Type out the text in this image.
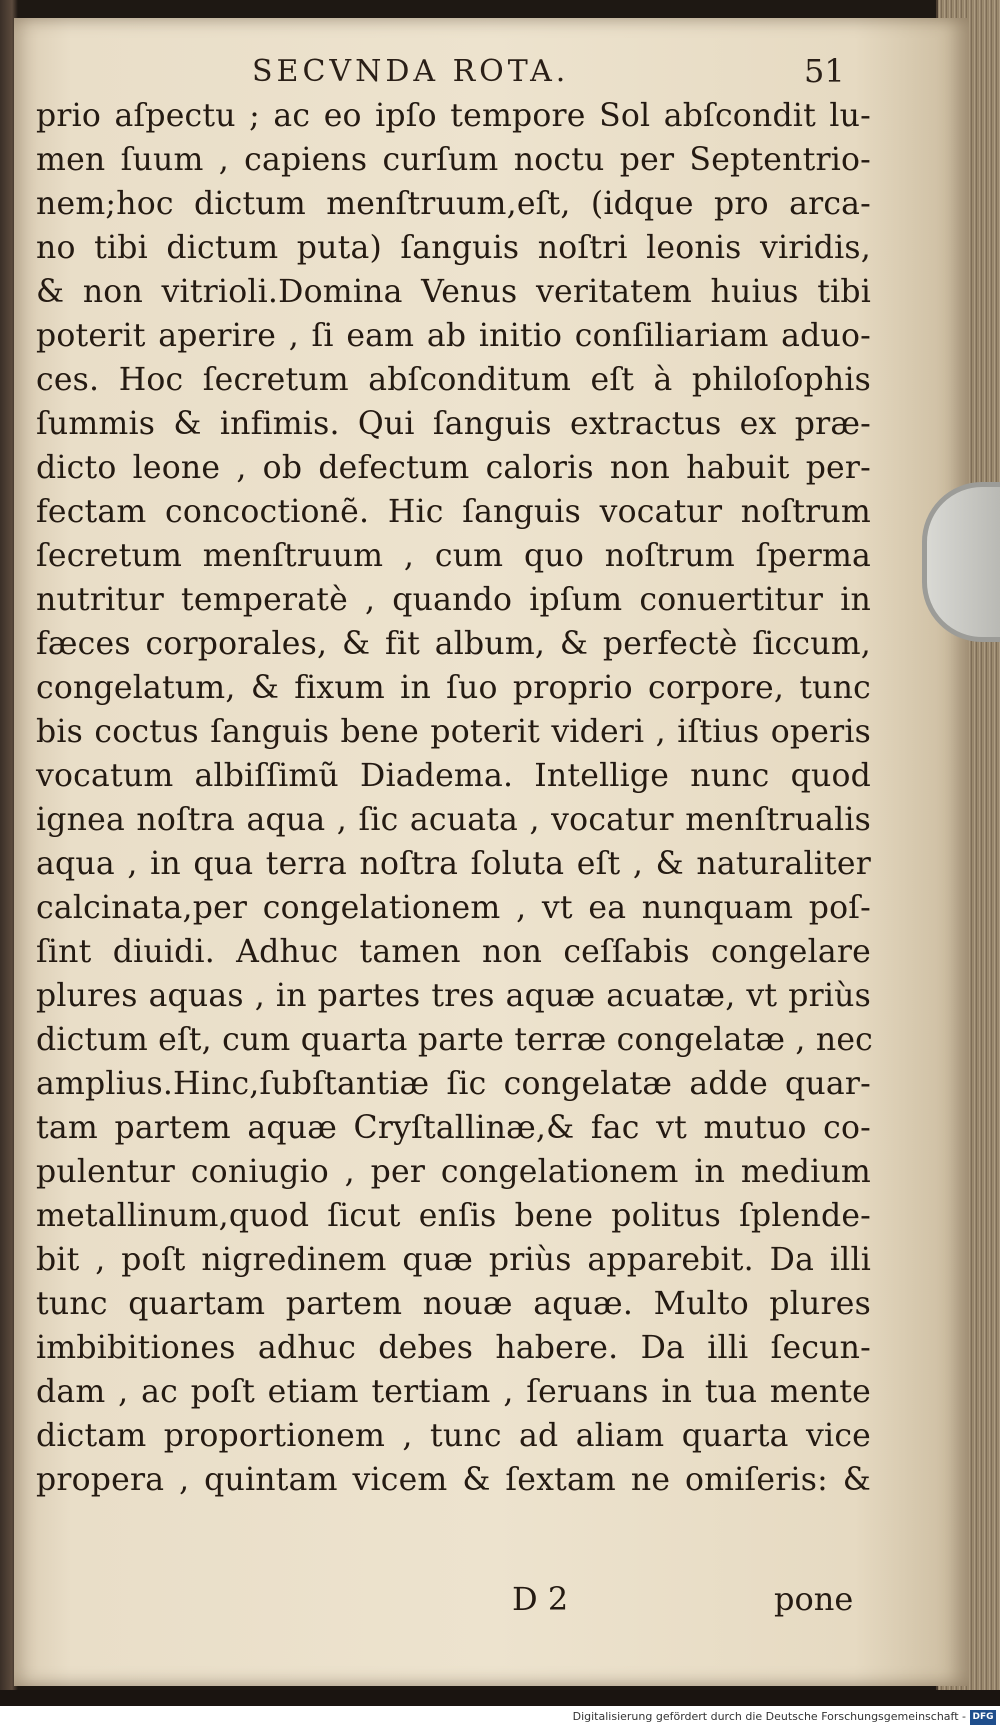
SECVNDA ROTA.	51
prio aſpectu ; ac eo ipſo tempore Sol abſcondit lu-
men ſuum , capiens curſum noctu per Septentrio-
nem;hoc dictum menſtruum,eſt, (idque pro arca-
no tibi dictum puta) ſanguis noſtri leonis viridis,
& non vitrioli.Domina Venus veritatem huius tibi
poterit aperire , ſi eam ab initio conſiliariam aduo-
ces. Hoc ſecretum abſconditum eſt à philoſophis
ſummis & infimis. Qui ſanguis extractus ex præ-
dicto leone , ob defectum caloris non habuit per-
fectam concoctionẽ. Hic ſanguis vocatur noſtrum
ſecretum menſtruum , cum quo noſtrum ſperma
nutritur temperatè , quando ipſum conuertitur in
fæces corporales, & fit album, & perfectè ſiccum,
congelatum, & fixum in ſuo proprio corpore, tunc
bis coctus ſanguis bene poterit videri , iſtius operis
vocatum albiſſimũ Diadema. Intellige nunc quod
ignea noſtra aqua , ſic acuata , vocatur menſtrualis
aqua , in qua terra noſtra ſoluta eſt , & naturaliter
calcinata,per congelationem , vt ea nunquam poſ-
ſint diuidi. Adhuc tamen non ceſſabis congelare
plures aquas , in partes tres aquæ acuatæ, vt priùs
dictum eſt, cum quarta parte terræ congelatæ , nec
amplius.Hinc,ſubſtantiæ ſic congelatæ adde quar-
tam partem aquæ Cryſtallinæ,& fac vt mutuo co-
pulentur coniugio , per congelationem in medium
metallinum,quod ſicut enſis bene politus ſplende-
bit , poſt nigredinem quæ priùs apparebit. Da illi
tunc quartam partem nouæ aquæ. Multo plures
imbibitiones adhuc debes habere. Da illi ſecun-
dam , ac poſt etiam tertiam , ſeruans in tua mente
dictam proportionem , tunc ad aliam quarta vice
propera , quintam vicem & ſextam ne omiſeris: &
D 2	pone
Digitalisierung gefördert durch die Deutsche Forschungsgemeinschaft - DFG
